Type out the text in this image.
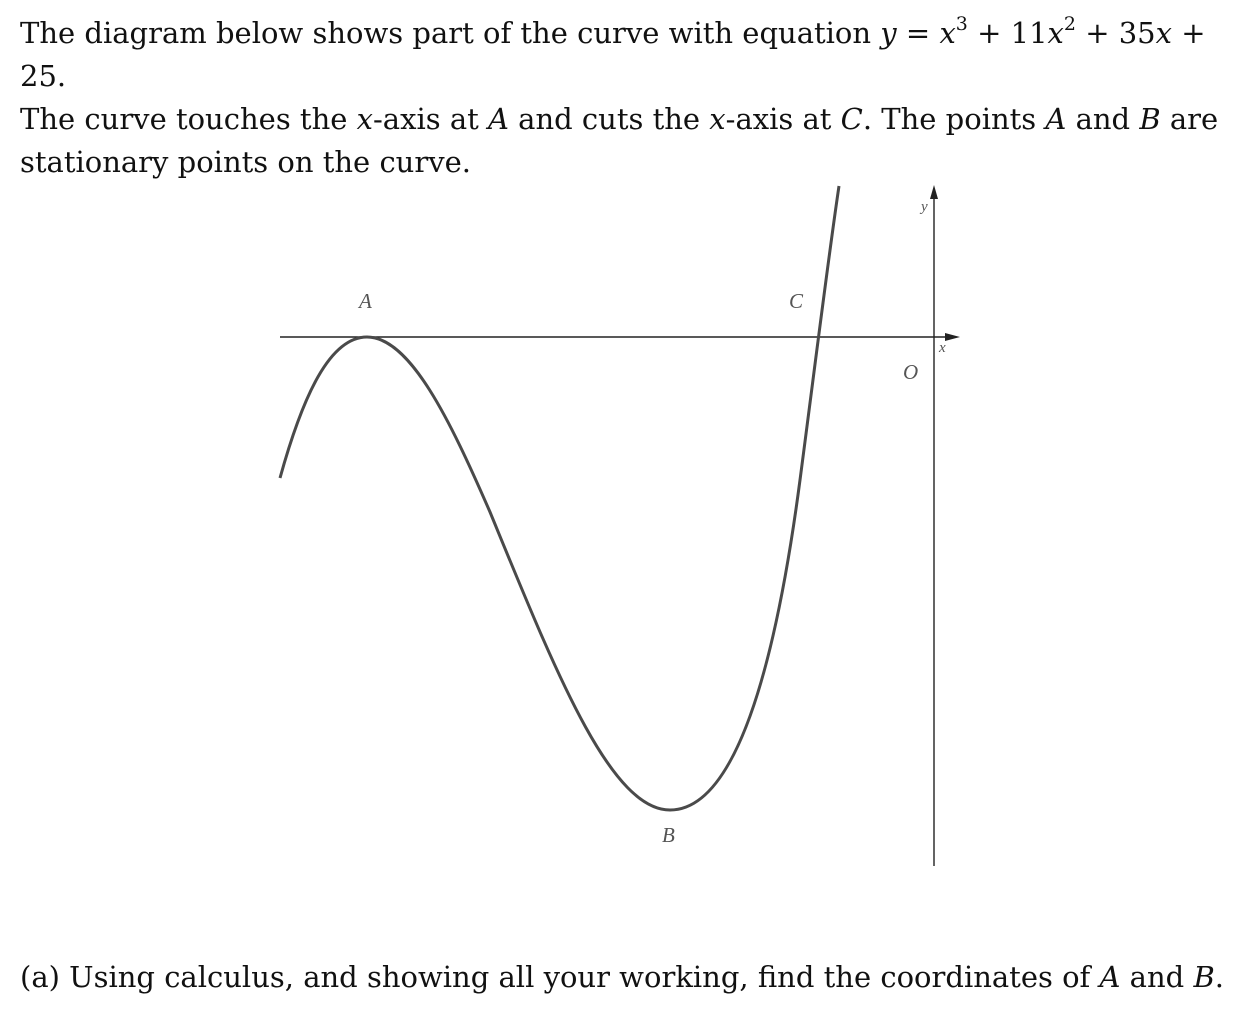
The diagram below shows part of the curve with equation $y = x^3 + 11x^2 + 35x + 25$.

The curve touches the x-axis at A and cuts the x-axis at C. The points A and B are

stationary points on the curve.

A	C
B
O
x
y

(a) Using calculus, and showing all your working, find the coordinates of A and B.
